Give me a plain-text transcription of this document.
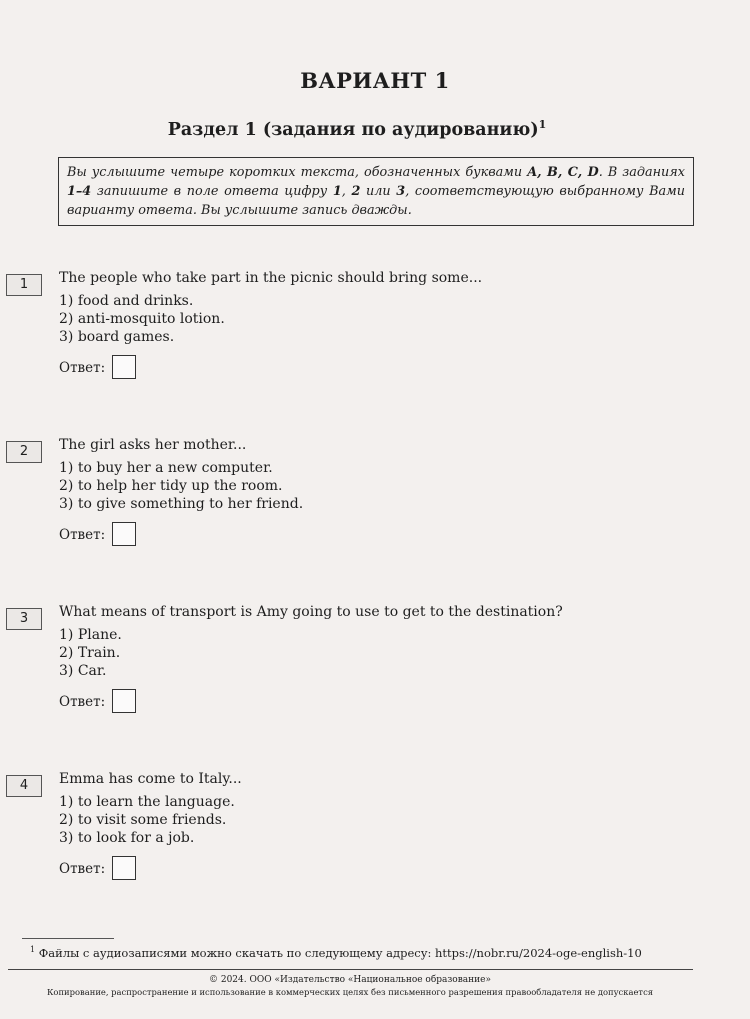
ВАРИАНТ 1
Раздел 1 (задания по аудированию)$^1$
Вы услышите четыре коротких текста, обозначенных буквами A, B, C, D. В заданиях 1–4 запишите в поле ответа цифру 1, 2 или 3, соответствующую выбранному Вами варианту ответа. Вы услышите запись дважды.
1	The people who take part in the picnic should bring some...
1) food and drinks.
2) anti-mosquito lotion.
3) board games.
Ответ:
2	The girl asks her mother...
1) to buy her a new computer.
2) to help her tidy up the room.
3) to give something to her friend.
Ответ:
3	What means of transport is Amy going to use to get to the destination?
1) Plane.
2) Train.
3) Car.
Ответ:
4	Emma has come to Italy...
1) to learn the language.
2) to visit some friends.
3) to look for a job.
Ответ:
$^1$ Файлы с аудиозаписями можно скачать по следующему адресу: https://nobr.ru/2024-oge-english-10
© 2024. ООО «Издательство «Национальное образование»
Копирование, распространение и использование в коммерческих целях без письменного разрешения правообладателя не допускается
